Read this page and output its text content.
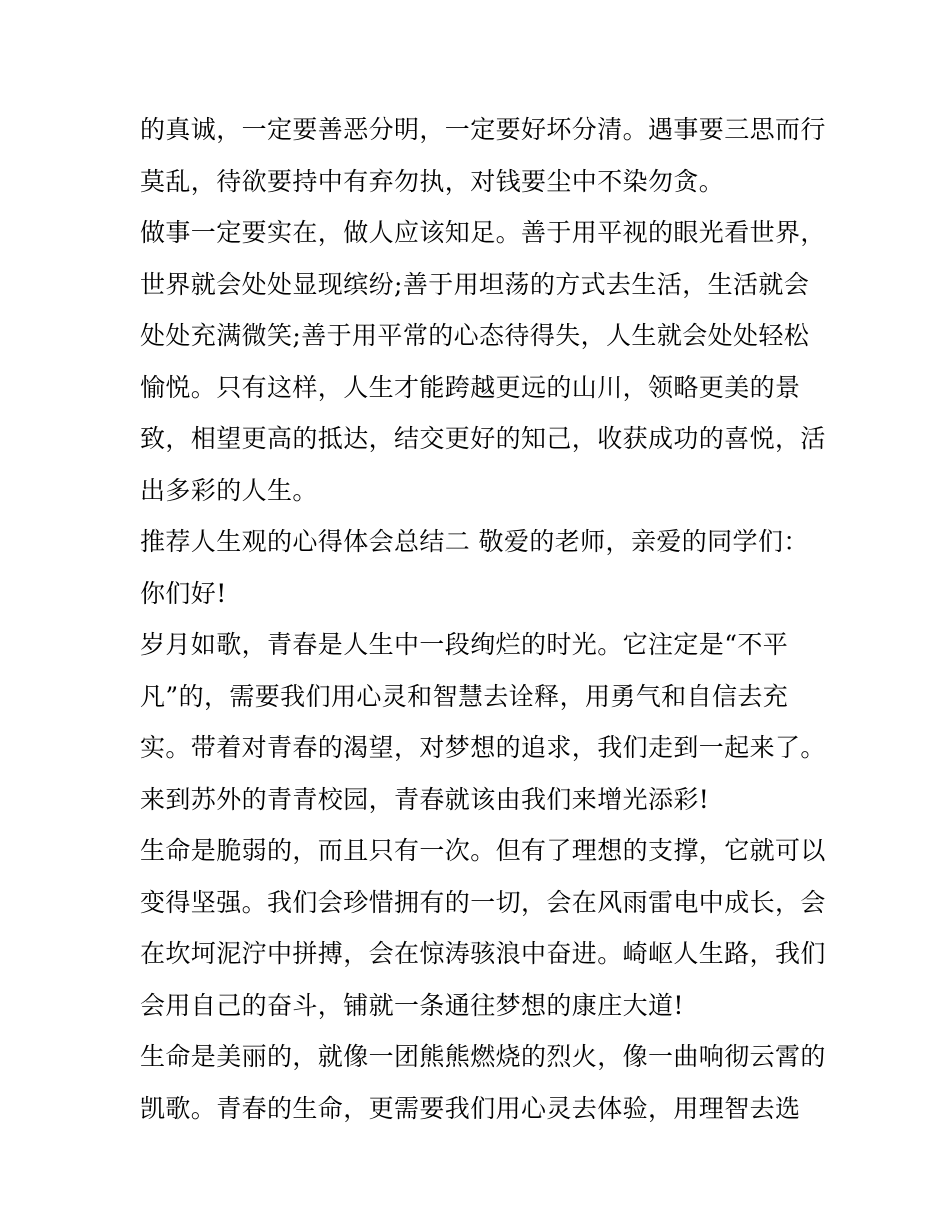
的真诚，一定要善恶分明，一定要好坏分清。遇事要三思而行
莫乱，待欲要持中有弃勿执，对钱要尘中不染勿贪。
做事一定要实在，做人应该知足。善于用平视的眼光看世界，
世界就会处处显现缤纷;善于用坦荡的方式去生活，生活就会
处处充满微笑;善于用平常的心态待得失，人生就会处处轻松
愉悦。只有这样，人生才能跨越更远的山川，领略更美的景
致，相望更高的抵达，结交更好的知己，收获成功的喜悦，活
出多彩的人生。
推荐人生观的心得体会总结二 敬爱的老师，亲爱的同学们：
你们好!
岁月如歌，青春是人生中一段绚烂的时光。它注定是“不平
凡”的，需要我们用心灵和智慧去诠释，用勇气和自信去充
实。带着对青春的渴望，对梦想的追求，我们走到一起来了。
来到苏外的青青校园，青春就该由我们来增光添彩!
生命是脆弱的，而且只有一次。但有了理想的支撑，它就可以
变得坚强。我们会珍惜拥有的一切，会在风雨雷电中成长，会
在坎坷泥泞中拼搏，会在惊涛骇浪中奋进。崎岖人生路，我们
会用自己的奋斗，铺就一条通往梦想的康庄大道!
生命是美丽的，就像一团熊熊燃烧的烈火，像一曲响彻云霄的
凯歌。青春的生命，更需要我们用心灵去体验，用理智去选
